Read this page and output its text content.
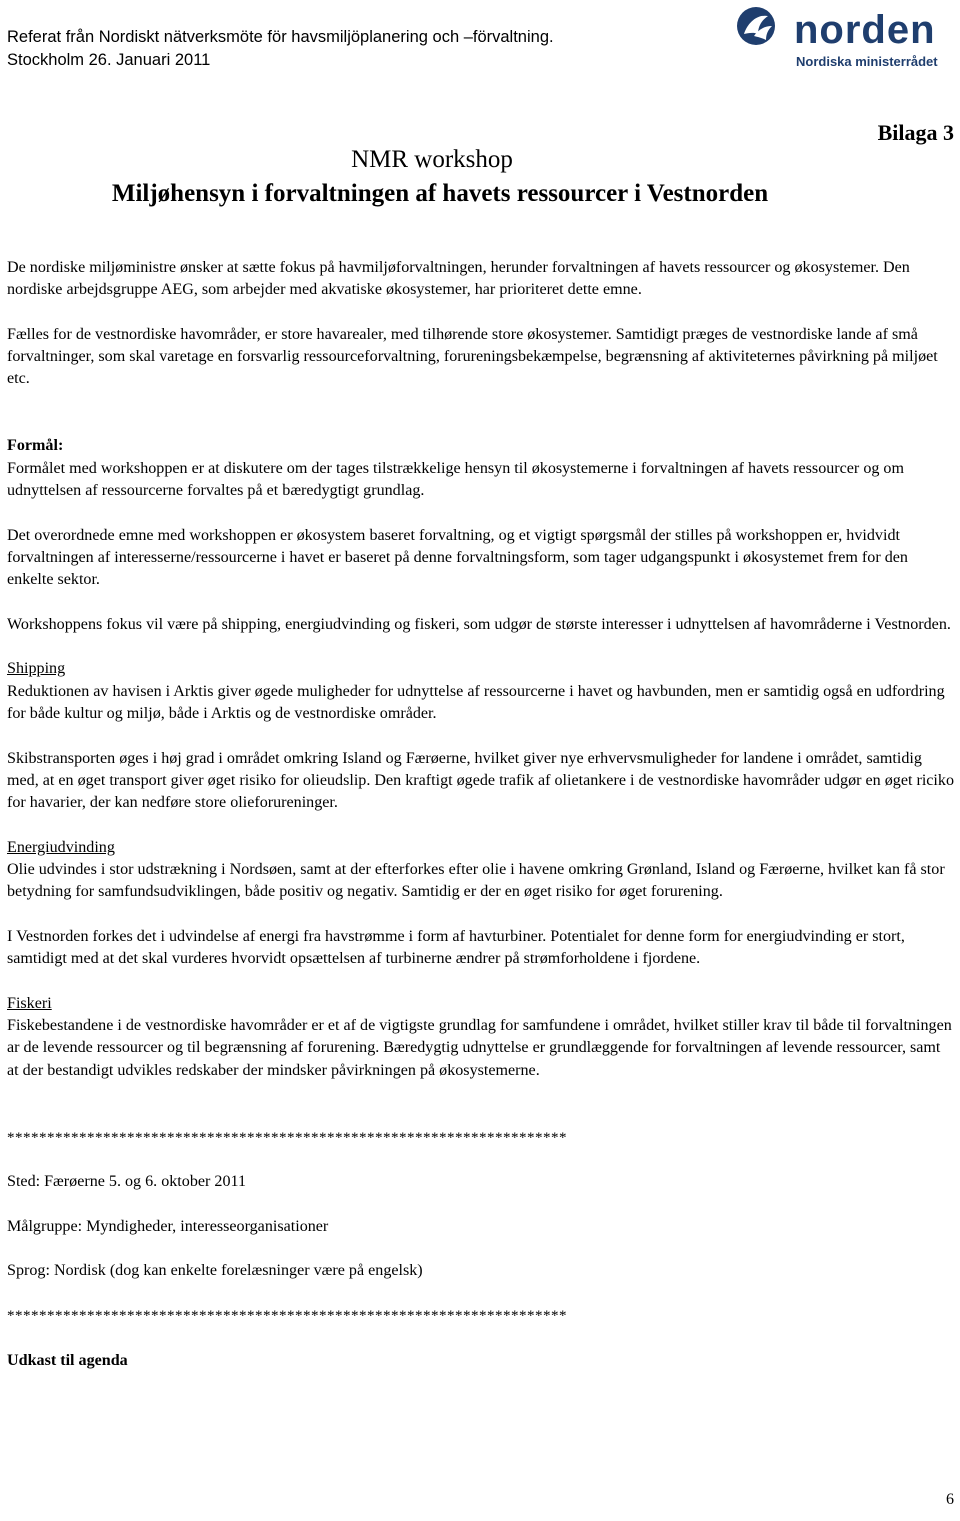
Referat från Nordiskt nätverksmöte för havsmiljöplanering och –förvaltning.
Stockholm 26. Januari 2011
norden
Nordiska ministerrådet
Bilaga 3
NMR workshop
Miljøhensyn i forvaltningen af havets ressourcer i Vestnorden

De nordiske miljøministre ønsker at sætte fokus på havmiljøforvaltningen, herunder forvaltningen af havets ressourcer og økosystemer. Den nordiske arbejdsgruppe AEG, som arbejder med akvatiske økosystemer, har prioriteret dette emne.

Fælles for de vestnordiske havområder, er store havarealer, med tilhørende store økosystemer. Samtidigt præges de vestnordiske lande af små forvaltninger, som skal varetage en forsvarlig ressourceforvaltning, forureningsbekæmpelse, begrænsning af aktiviteternes påvirkning på miljøet etc.

Formål:

Formålet med workshoppen er at diskutere om der tages tilstrækkelige hensyn til økosystemerne i forvaltningen af havets ressourcer og om udnyttelsen af ressourcerne forvaltes på et bæredygtigt grundlag.

Det overordnede emne med workshoppen er økosystem baseret forvaltning, og et vigtigt spørgsmål der stilles på workshoppen er, hvidvidt forvaltningen af interesserne/ressourcerne i havet er baseret på denne forvaltningsform, som tager udgangspunkt i økosystemet frem for den enkelte sektor.

Workshoppens fokus vil være på shipping, energiudvinding og fiskeri, som udgør de største interesser i udnyttelsen af havområderne i Vestnorden.

Shipping

Reduktionen av havisen i Arktis giver øgede muligheder for udnyttelse af ressourcerne i havet og havbunden, men er samtidig også en udfordring for både kultur og miljø, både i Arktis og de vestnordiske områder.

Skibstransporten øges i høj grad i området omkring Island og Færøerne, hvilket giver nye erhvervsmuligheder for landene i området, samtidig med, at en øget transport giver øget risiko for olieudslip. Den kraftigt øgede trafik af olietankere i de vestnordiske havområder udgør en øget riciko for havarier, der kan nedføre store olieforureninger.

Energiudvinding

Olie udvindes i stor udstrækning i Nordsøen, samt at der efterforkes efter olie i havene omkring Grønland, Island og Færøerne, hvilket kan få stor betydning for samfundsudviklingen, både positiv og negativ. Samtidig er der en øget risiko for øget forurening.

I Vestnorden forkes det i udvindelse af energi fra havstrømme i form af havturbiner. Potentialet for denne form for energiudvinding er stort, samtidigt med at det skal vurderes hvorvidt opsættelsen af turbinerne ændrer på strømforholdene i fjordene.

Fiskeri

Fiskebestandene i de vestnordiske havområder er et af de vigtigste grundlag for samfundene i området, hvilket stiller krav til både til forvaltningen ar de levende ressourcer og til begrænsning af forurening. Bæredygtig udnyttelse er grundlæggende for forvaltningen af levende ressourcer, samt at der bestandigt udvikles redskaber der mindsker påvirkningen på økosystemerne.

**********************************************************************

Sted: Færøerne 5. og 6. oktober 2011

Målgruppe: Myndigheder, interesseorganisationer

Sprog: Nordisk (dog kan enkelte forelæsninger være på engelsk)

**********************************************************************

Udkast til agenda
6
